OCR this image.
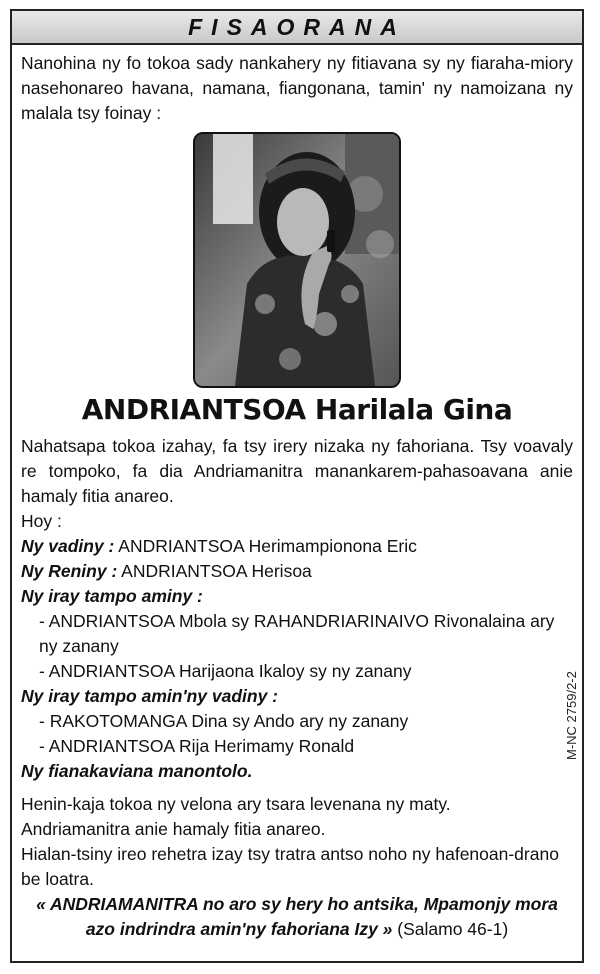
FISAORANA

Nanohina ny fo tokoa sady nankahery ny fitiavana sy ny fiaraha-miory nasehonareo havana, namana, fiangonana, tamin' ny namoizana ny malala tsy foinay :

ANDRIANTSOA Harilala Gina

Nahatsapa tokoa izahay, fa tsy irery nizaka ny fahoriana. Tsy voavaly re tompoko, fa dia Andriamanitra manankarem-pahasoavana anie hamaly fitia anareo.

Hoy :

Ny vadiny : ANDRIANTSOA Herimampionona Eric

Ny Reniny : ANDRIANTSOA Herisoa

Ny iray tampo aminy :

- ANDRIANTSOA Mbola sy RAHANDRIARINAIVO Rivonalaina ary ny zanany

- ANDRIANTSOA Harijaona Ikaloy sy ny zanany

Ny iray tampo amin'ny vadiny :

- RAKOTOMANGA Dina sy Ando ary ny zanany

- ANDRIANTSOA Rija Herimamy Ronald

Ny fianakaviana manontolo.

Henin-kaja tokoa ny velona ary tsara levenana ny maty.

Andriamanitra anie hamaly fitia anareo.

Hialan-tsiny ireo rehetra izay tsy tratra antso noho ny hafenoan-drano be loatra.

« ANDRIAMANITRA no aro sy hery ho antsika, Mpamonjy mora azo indrindra amin'ny fahoriana Izy » (Salamo 46-1)

M-NC 2759/2-2
